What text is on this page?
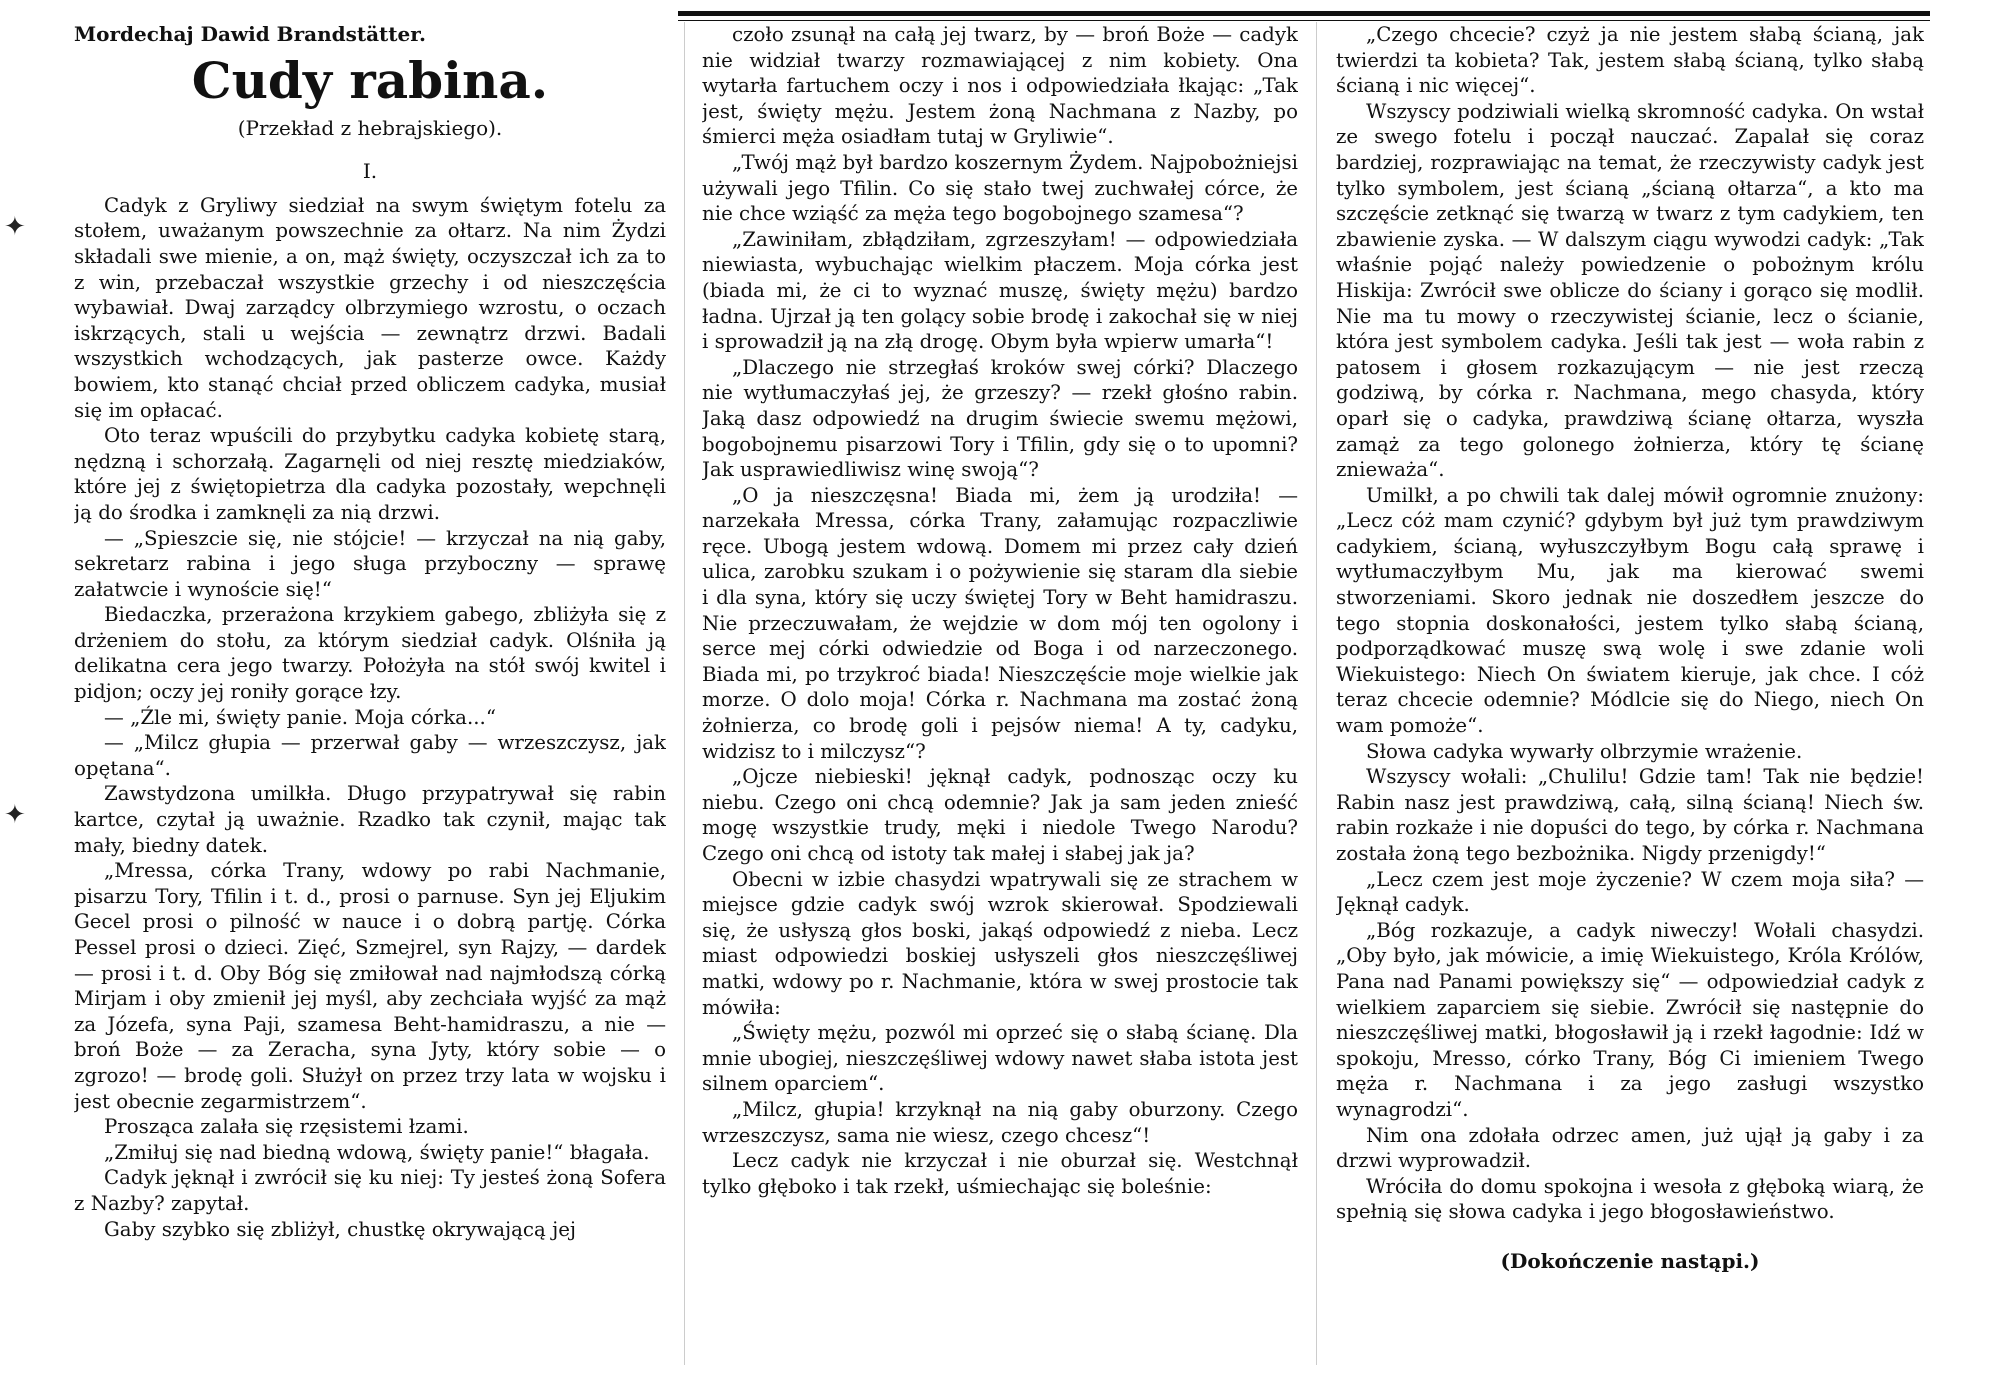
✦
✦

Mordechaj Dawid Brandstätter.

Cudy rabina.
(Przekład z hebrajskiego).
I.

Cadyk z Gryliwy siedział na swym świętym fotelu za stołem, uważanym powszechnie za ołtarz. Na nim Żydzi składali swe mienie, a on, mąż święty, oczyszczał ich za to z win, przebaczał wszystkie grzechy i od nieszczęścia wybawiał. Dwaj zarządcy olbrzymiego wzrostu, o oczach iskrzących, stali u wejścia — zewnątrz drzwi. Badali wszystkich wchodzących, jak pasterze owce. Każdy bowiem, kto stanąć chciał przed obliczem cadyka, musiał się im opłacać.

Oto teraz wpuścili do przybytku cadyka kobietę starą, nędzną i schorzałą. Zagarnęli od niej resztę miedziaków, które jej z świętopietrza dla cadyka pozostały, wepchnęli ją do środka i zamknęli za nią drzwi.

— „Spieszcie się, nie stójcie! — krzyczał na nią gaby, sekretarz rabina i jego sługa przyboczny — sprawę załatwcie i wynoście się!“

Biedaczka, przerażona krzykiem gabego, zbliżyła się z drżeniem do stołu, za którym siedział cadyk. Olśniła ją delikatna cera jego twarzy. Położyła na stół swój kwitel i pidjon; oczy jej roniły gorące łzy.

— „Źle mi, święty panie. Moja córka...“

— „Milcz głupia — przerwał gaby — wrzeszczysz, jak opętana“.

Zawstydzona umilkła. Długo przypatrywał się rabin kartce, czytał ją uważnie. Rzadko tak czynił, mając tak mały, biedny datek.

„Mressa, córka Trany, wdowy po rabi Nachmanie, pisarzu Tory, Tfilin i t. d., prosi o parnuse. Syn jej Eljukim Gecel prosi o pilność w nauce i o dobrą partję. Córka Pessel prosi o dzieci. Zięć, Szmejrel, syn Rajzy, — dardek — prosi i t. d. Oby Bóg się zmiłował nad najmłodszą córką Mirjam i oby zmienił jej myśl, aby zechciała wyjść za mąż za Józefa, syna Paji, szamesa Beht-hamidraszu, a nie — broń Boże — za Zeracha, syna Jyty, który sobie — o zgrozo! — brodę goli. Służył on przez trzy lata w wojsku i jest obecnie zegarmistrzem“.

Prosząca zalała się rzęsistemi łzami.

„Zmiłuj się nad biedną wdową, święty panie!“ błagała.

Cadyk jęknął i zwrócił się ku niej: Ty jesteś żoną Sofera z Nazby? zapytał.

Gaby szybko się zbliżył, chustkę okrywającą jej

czoło zsunął na całą jej twarz, by — broń Boże — cadyk nie widział twarzy rozmawiającej z nim kobiety. Ona wytarła fartuchem oczy i nos i odpowiedziała łkając: „Tak jest, święty mężu. Jestem żoną Nachmana z Nazby, po śmierci męża osiadłam tutaj w Gryliwie“.

„Twój mąż był bardzo koszernym Żydem. Najpobożniejsi używali jego Tfilin. Co się stało twej zuchwałej córce, że nie chce wziąść za męża tego bogobojnego szamesa“?

„Zawiniłam, zbłądziłam, zgrzeszyłam! — odpowiedziała niewiasta, wybuchając wielkim płaczem. Moja córka jest (biada mi, że ci to wyznać muszę, święty mężu) bardzo ładna. Ujrzał ją ten golący sobie brodę i zakochał się w niej i sprowadził ją na złą drogę. Obym była wpierw umarła“!

„Dlaczego nie strzegłaś kroków swej córki? Dlaczego nie wytłumaczyłaś jej, że grzeszy? — rzekł głośno rabin. Jaką dasz odpowiedź na drugim świecie swemu mężowi, bogobojnemu pisarzowi Tory i Tfilin, gdy się o to upomni? Jak usprawiedliwisz winę swoją“?

„O ja nieszczęsna! Biada mi, żem ją urodziła! — narzekała Mressa, córka Trany, załamując rozpaczliwie ręce. Ubogą jestem wdową. Domem mi przez cały dzień ulica, zarobku szukam i o pożywienie się staram dla siebie i dla syna, który się uczy świętej Tory w Beht hamidraszu. Nie przeczuwałam, że wejdzie w dom mój ten ogolony i serce mej córki odwiedzie od Boga i od narzeczonego. Biada mi, po trzykroć biada! Nieszczęście moje wielkie jak morze. O dolo moja! Córka r. Nachmana ma zostać żoną żołnierza, co brodę goli i pejsów niema! A ty, cadyku, widzisz to i milczysz“?

„Ojcze niebieski! jęknął cadyk, podnosząc oczy ku niebu. Czego oni chcą odemnie? Jak ja sam jeden znieść mogę wszystkie trudy, męki i niedole Twego Narodu? Czego oni chcą od istoty tak małej i słabej jak ja?

Obecni w izbie chasydzi wpatrywali się ze strachem w miejsce gdzie cadyk swój wzrok skierował. Spodziewali się, że usłyszą głos boski, jakąś odpowiedź z nieba. Lecz miast odpowiedzi boskiej usłyszeli głos nieszczęśliwej matki, wdowy po r. Nachmanie, która w swej prostocie tak mówiła:

„Święty mężu, pozwól mi oprzeć się o słabą ścianę. Dla mnie ubogiej, nieszczęśliwej wdowy nawet słaba istota jest silnem oparciem“.

„Milcz, głupia! krzyknął na nią gaby oburzony. Czego wrzeszczysz, sama nie wiesz, czego chcesz“!

Lecz cadyk nie krzyczał i nie oburzał się. Westchnął tylko głęboko i tak rzekł, uśmiechając się boleśnie:

„Czego chcecie? czyż ja nie jestem słabą ścianą, jak twierdzi ta kobieta? Tak, jestem słabą ścianą, tylko słabą ścianą i nic więcej“.

Wszyscy podziwiali wielką skromność cadyka. On wstał ze swego fotelu i począł nauczać. Zapalał się coraz bardziej, rozprawiając na temat, że rzeczywisty cadyk jest tylko symbolem, jest ścianą „ścianą ołtarza“, a kto ma szczęście zetknąć się twarzą w twarz z tym cadykiem, ten zbawienie zyska. — W dalszym ciągu wywodzi cadyk: „Tak właśnie pojąć należy powiedzenie o pobożnym królu Hiskija: Zwrócił swe oblicze do ściany i gorąco się modlił. Nie ma tu mowy o rzeczywistej ścianie, lecz o ścianie, która jest symbolem cadyka. Jeśli tak jest — woła rabin z patosem i głosem rozkazującym — nie jest rzeczą godziwą, by córka r. Nachmana, mego chasyda, który oparł się o cadyka, prawdziwą ścianę ołtarza, wyszła zamąż za tego golonego żołnierza, który tę ścianę znieważa“.

Umilkł, a po chwili tak dalej mówił ogromnie znużony: „Lecz cóż mam czynić? gdybym był już tym prawdziwym cadykiem, ścianą, wyłuszczyłbym Bogu całą sprawę i wytłumaczyłbym Mu, jak ma kierować swemi stworzeniami. Skoro jednak nie doszedłem jeszcze do tego stopnia doskonałości, jestem tylko słabą ścianą, podporządkować muszę swą wolę i swe zdanie woli Wiekuistego: Niech On światem kieruje, jak chce. I cóż teraz chcecie odemnie? Módlcie się do Niego, niech On wam pomoże“.

Słowa cadyka wywarły olbrzymie wrażenie.

Wszyscy wołali: „Chulilu! Gdzie tam! Tak nie będzie! Rabin nasz jest prawdziwą, całą, silną ścianą! Niech św. rabin rozkaże i nie dopuści do tego, by córka r. Nachmana została żoną tego bezbożnika. Nigdy przenigdy!“

„Lecz czem jest moje życzenie? W czem moja siła? — Jęknął cadyk.

„Bóg rozkazuje, a cadyk niweczy! Wołali chasydzi. „Oby było, jak mówicie, a imię Wiekuistego, Króla Królów, Pana nad Panami powiększy się“ — odpowiedział cadyk z wielkiem zaparciem się siebie. Zwrócił się następnie do nieszczęśliwej matki, błogosławił ją i rzekł łagodnie: Idź w spokoju, Mresso, córko Trany, Bóg Ci imieniem Twego męża r. Nachmana i za jego zasługi wszystko wynagrodzi“.

Nim ona zdołała odrzec amen, już ujął ją gaby i za drzwi wyprowadził.

Wróciła do domu spokojna i wesoła z głęboką wiarą, że spełnią się słowa cadyka i jego błogosławieństwo.

(Dokończenie nastąpi.)
